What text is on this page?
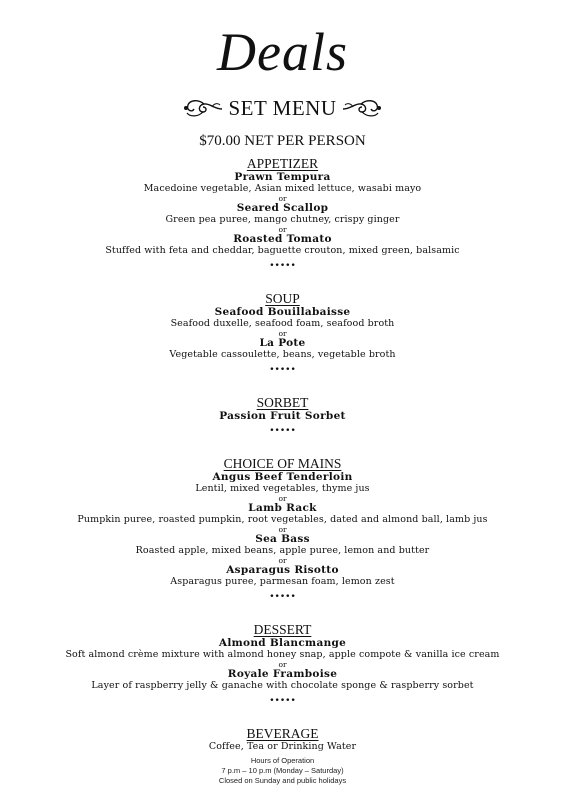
Deals
SET MENU
$70.00 NET PER PERSON
APPETIZER
Prawn Tempura
Macedoine vegetable, Asian mixed lettuce, wasabi mayo
or
Seared Scallop
Green pea puree, mango chutney, crispy ginger
or
Roasted Tomato
Stuffed with feta and cheddar, baguette crouton, mixed green, balsamic
•••••
SOUP
Seafood Bouillabaisse
Seafood duxelle, seafood foam, seafood broth
or
La Pote
Vegetable cassoulette, beans, vegetable broth
•••••
SORBET
Passion Fruit Sorbet
•••••
CHOICE OF MAINS
Angus Beef Tenderloin
Lentil, mixed vegetables, thyme jus
or
Lamb Rack
Pumpkin puree, roasted pumpkin, root vegetables, dated and almond ball, lamb jus
or
Sea Bass
Roasted apple, mixed beans, apple puree, lemon and butter
or
Asparagus Risotto
Asparagus puree, parmesan foam, lemon zest
•••••
DESSERT
Almond Blancmange
Soft almond crème mixture with almond honey snap, apple compote & vanilla ice cream
or
Royale Framboise
Layer of raspberry jelly & ganache with chocolate sponge & raspberry sorbet
•••••
BEVERAGE
Coffee, Tea or Drinking Water
Hours of Operation
7 p.m – 10 p.m (Monday – Saturday)
Closed on Sunday and public holidays
